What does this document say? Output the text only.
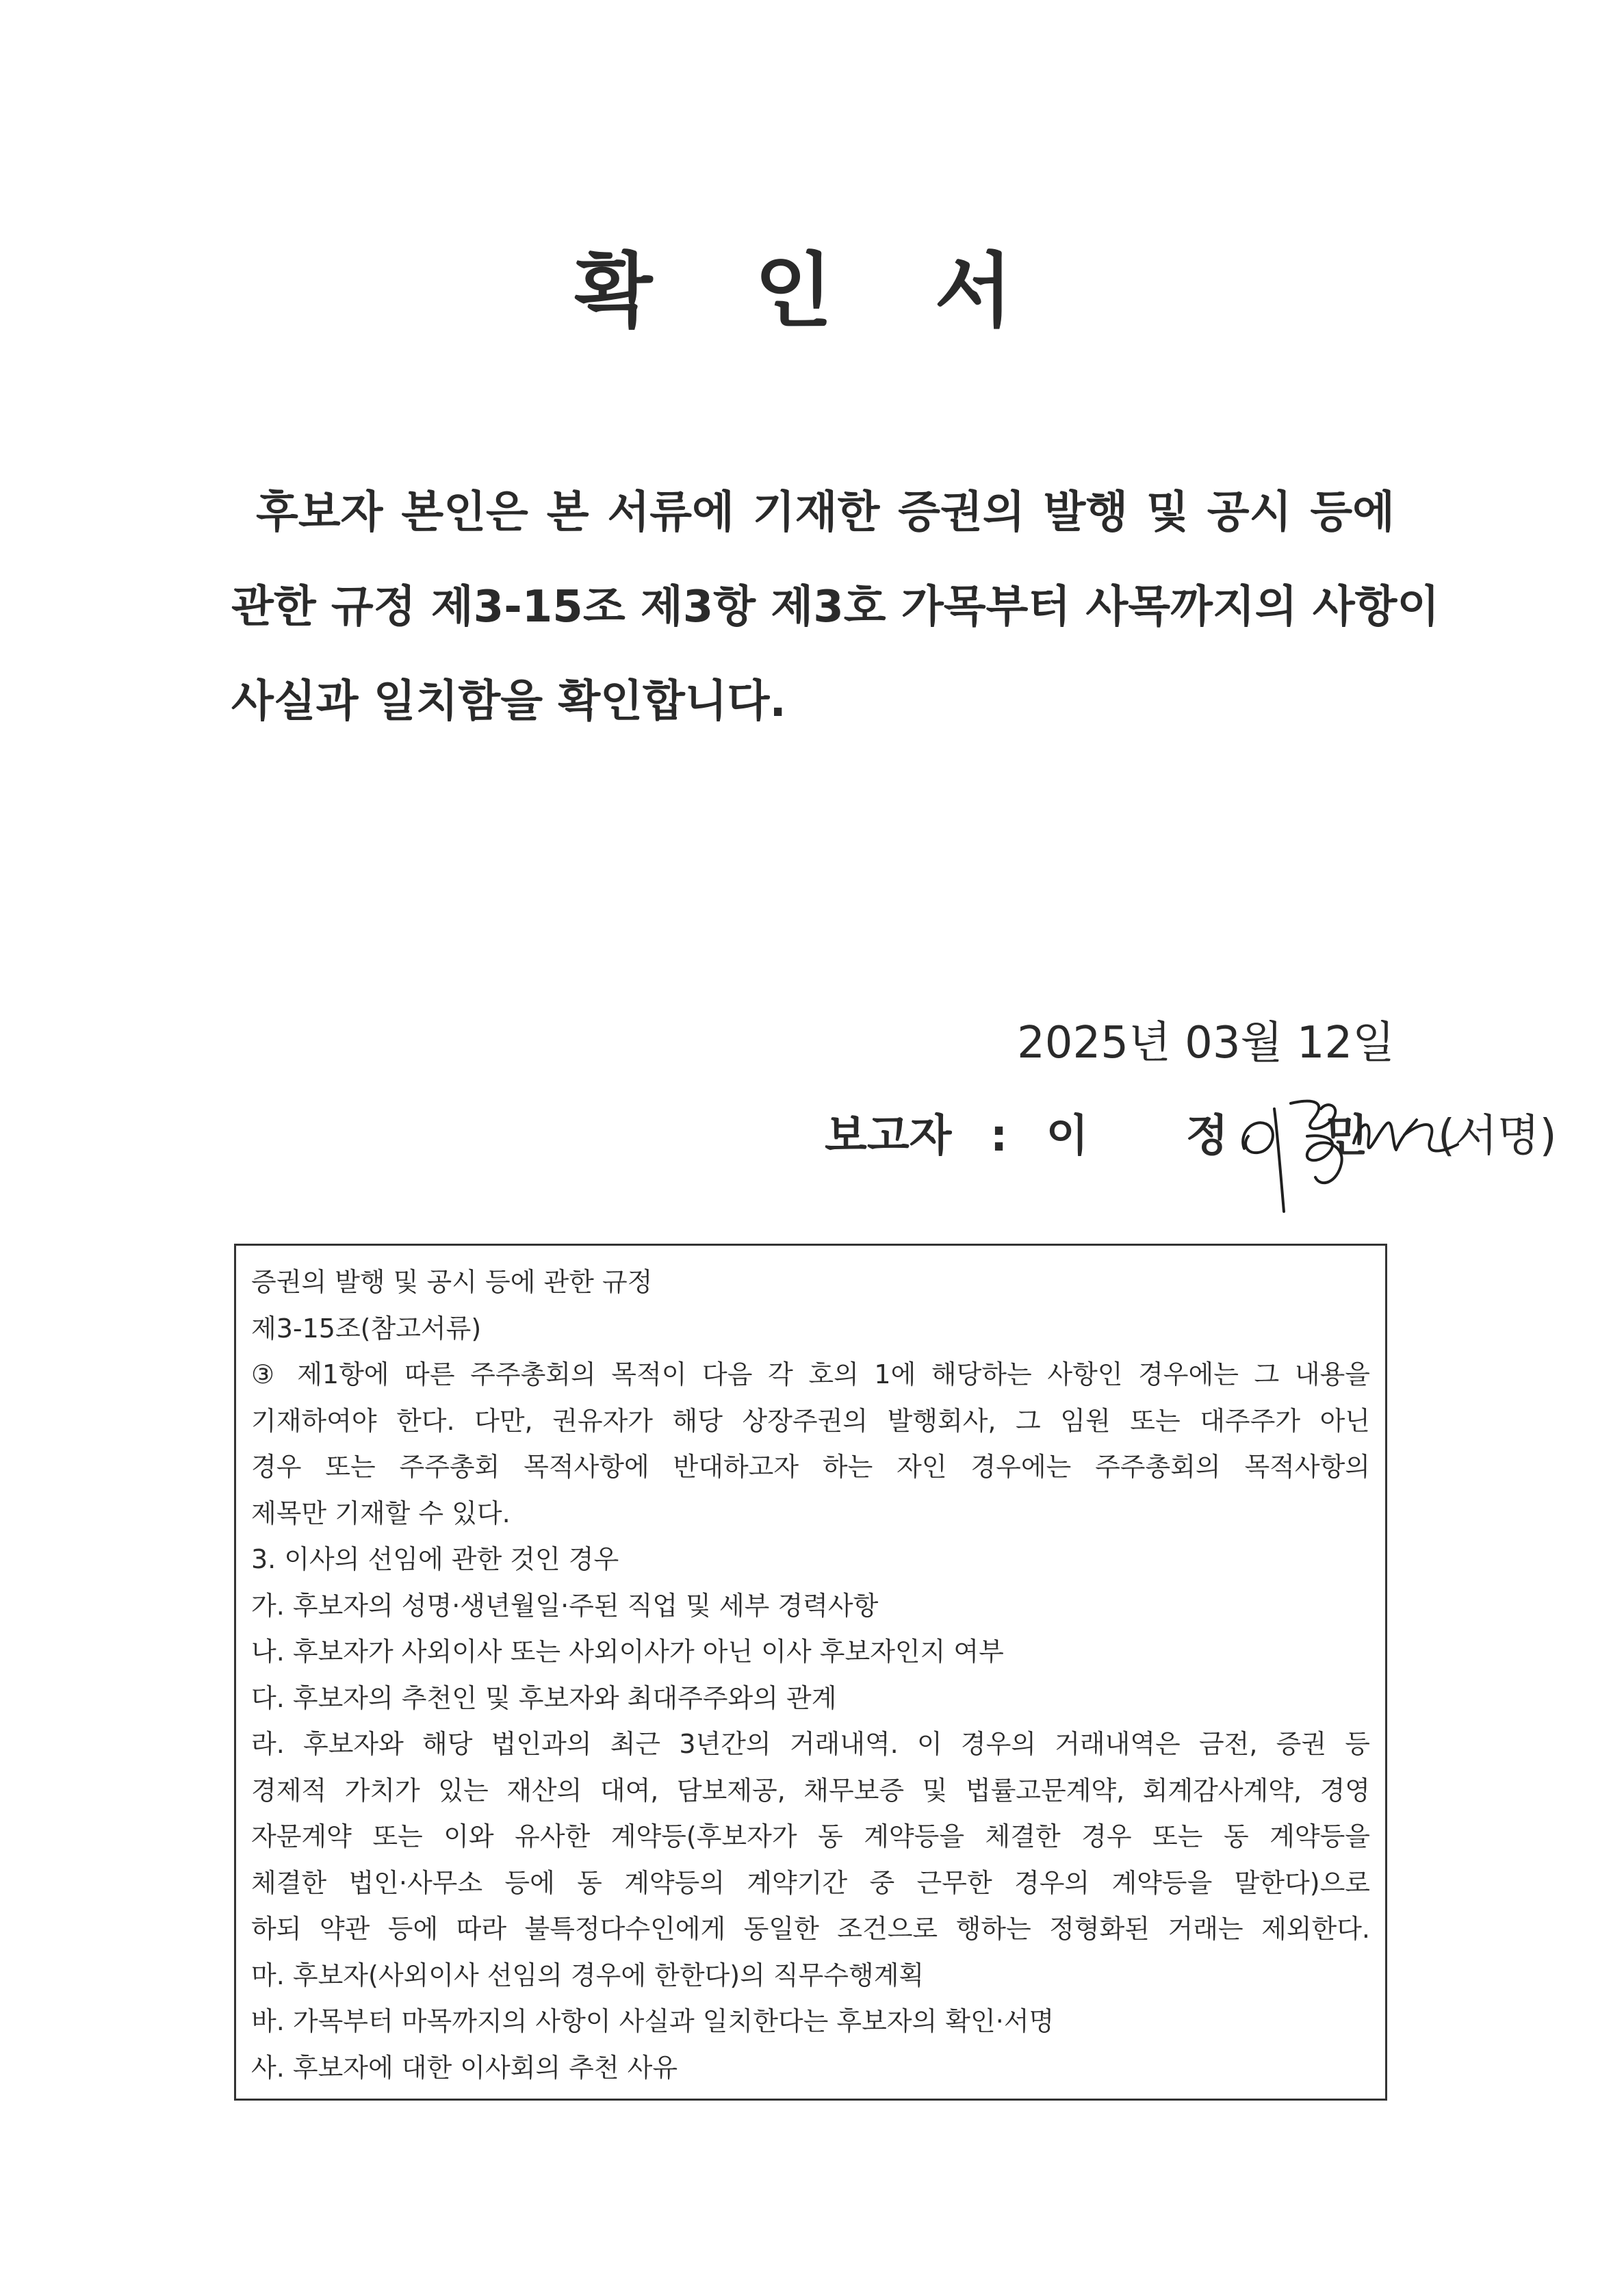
확 인 서
후보자 본인은 본 서류에 기재한 증권의 발행 및 공시 등에
관한 규정 제3-15조 제3항 제3호 가목부터 사목까지의 사항이
사실과 일치함을 확인합니다.
2025년 03월 12일
보고자 : 이 정 민 (서명)
증권의 발행 및 공시 등에 관한 규정
제3-15조(참고서류)
③ 제1항에 따른 주주총회의 목적이 다음 각 호의 1에 해당하는 사항인 경우에는 그 내용을
기재하여야 한다. 다만, 권유자가 해당 상장주권의 발행회사, 그 임원 또는 대주주가 아닌
경우 또는 주주총회 목적사항에 반대하고자 하는 자인 경우에는 주주총회의 목적사항의
제목만 기재할 수 있다.
3. 이사의 선임에 관한 것인 경우
가. 후보자의 성명·생년월일·주된 직업 및 세부 경력사항
나. 후보자가 사외이사 또는 사외이사가 아닌 이사 후보자인지 여부
다. 후보자의 추천인 및 후보자와 최대주주와의 관계
라. 후보자와 해당 법인과의 최근 3년간의 거래내역. 이 경우의 거래내역은 금전, 증권 등
경제적 가치가 있는 재산의 대여, 담보제공, 채무보증 및 법률고문계약, 회계감사계약, 경영
자문계약 또는 이와 유사한 계약등(후보자가 동 계약등을 체결한 경우 또는 동 계약등을
체결한 법인·사무소 등에 동 계약등의 계약기간 중 근무한 경우의 계약등을 말한다)으로
하되 약관 등에 따라 불특정다수인에게 동일한 조건으로 행하는 정형화된 거래는 제외한다.
마. 후보자(사외이사 선임의 경우에 한한다)의 직무수행계획
바. 가목부터 마목까지의 사항이 사실과 일치한다는 후보자의 확인·서명
사. 후보자에 대한 이사회의 추천 사유
